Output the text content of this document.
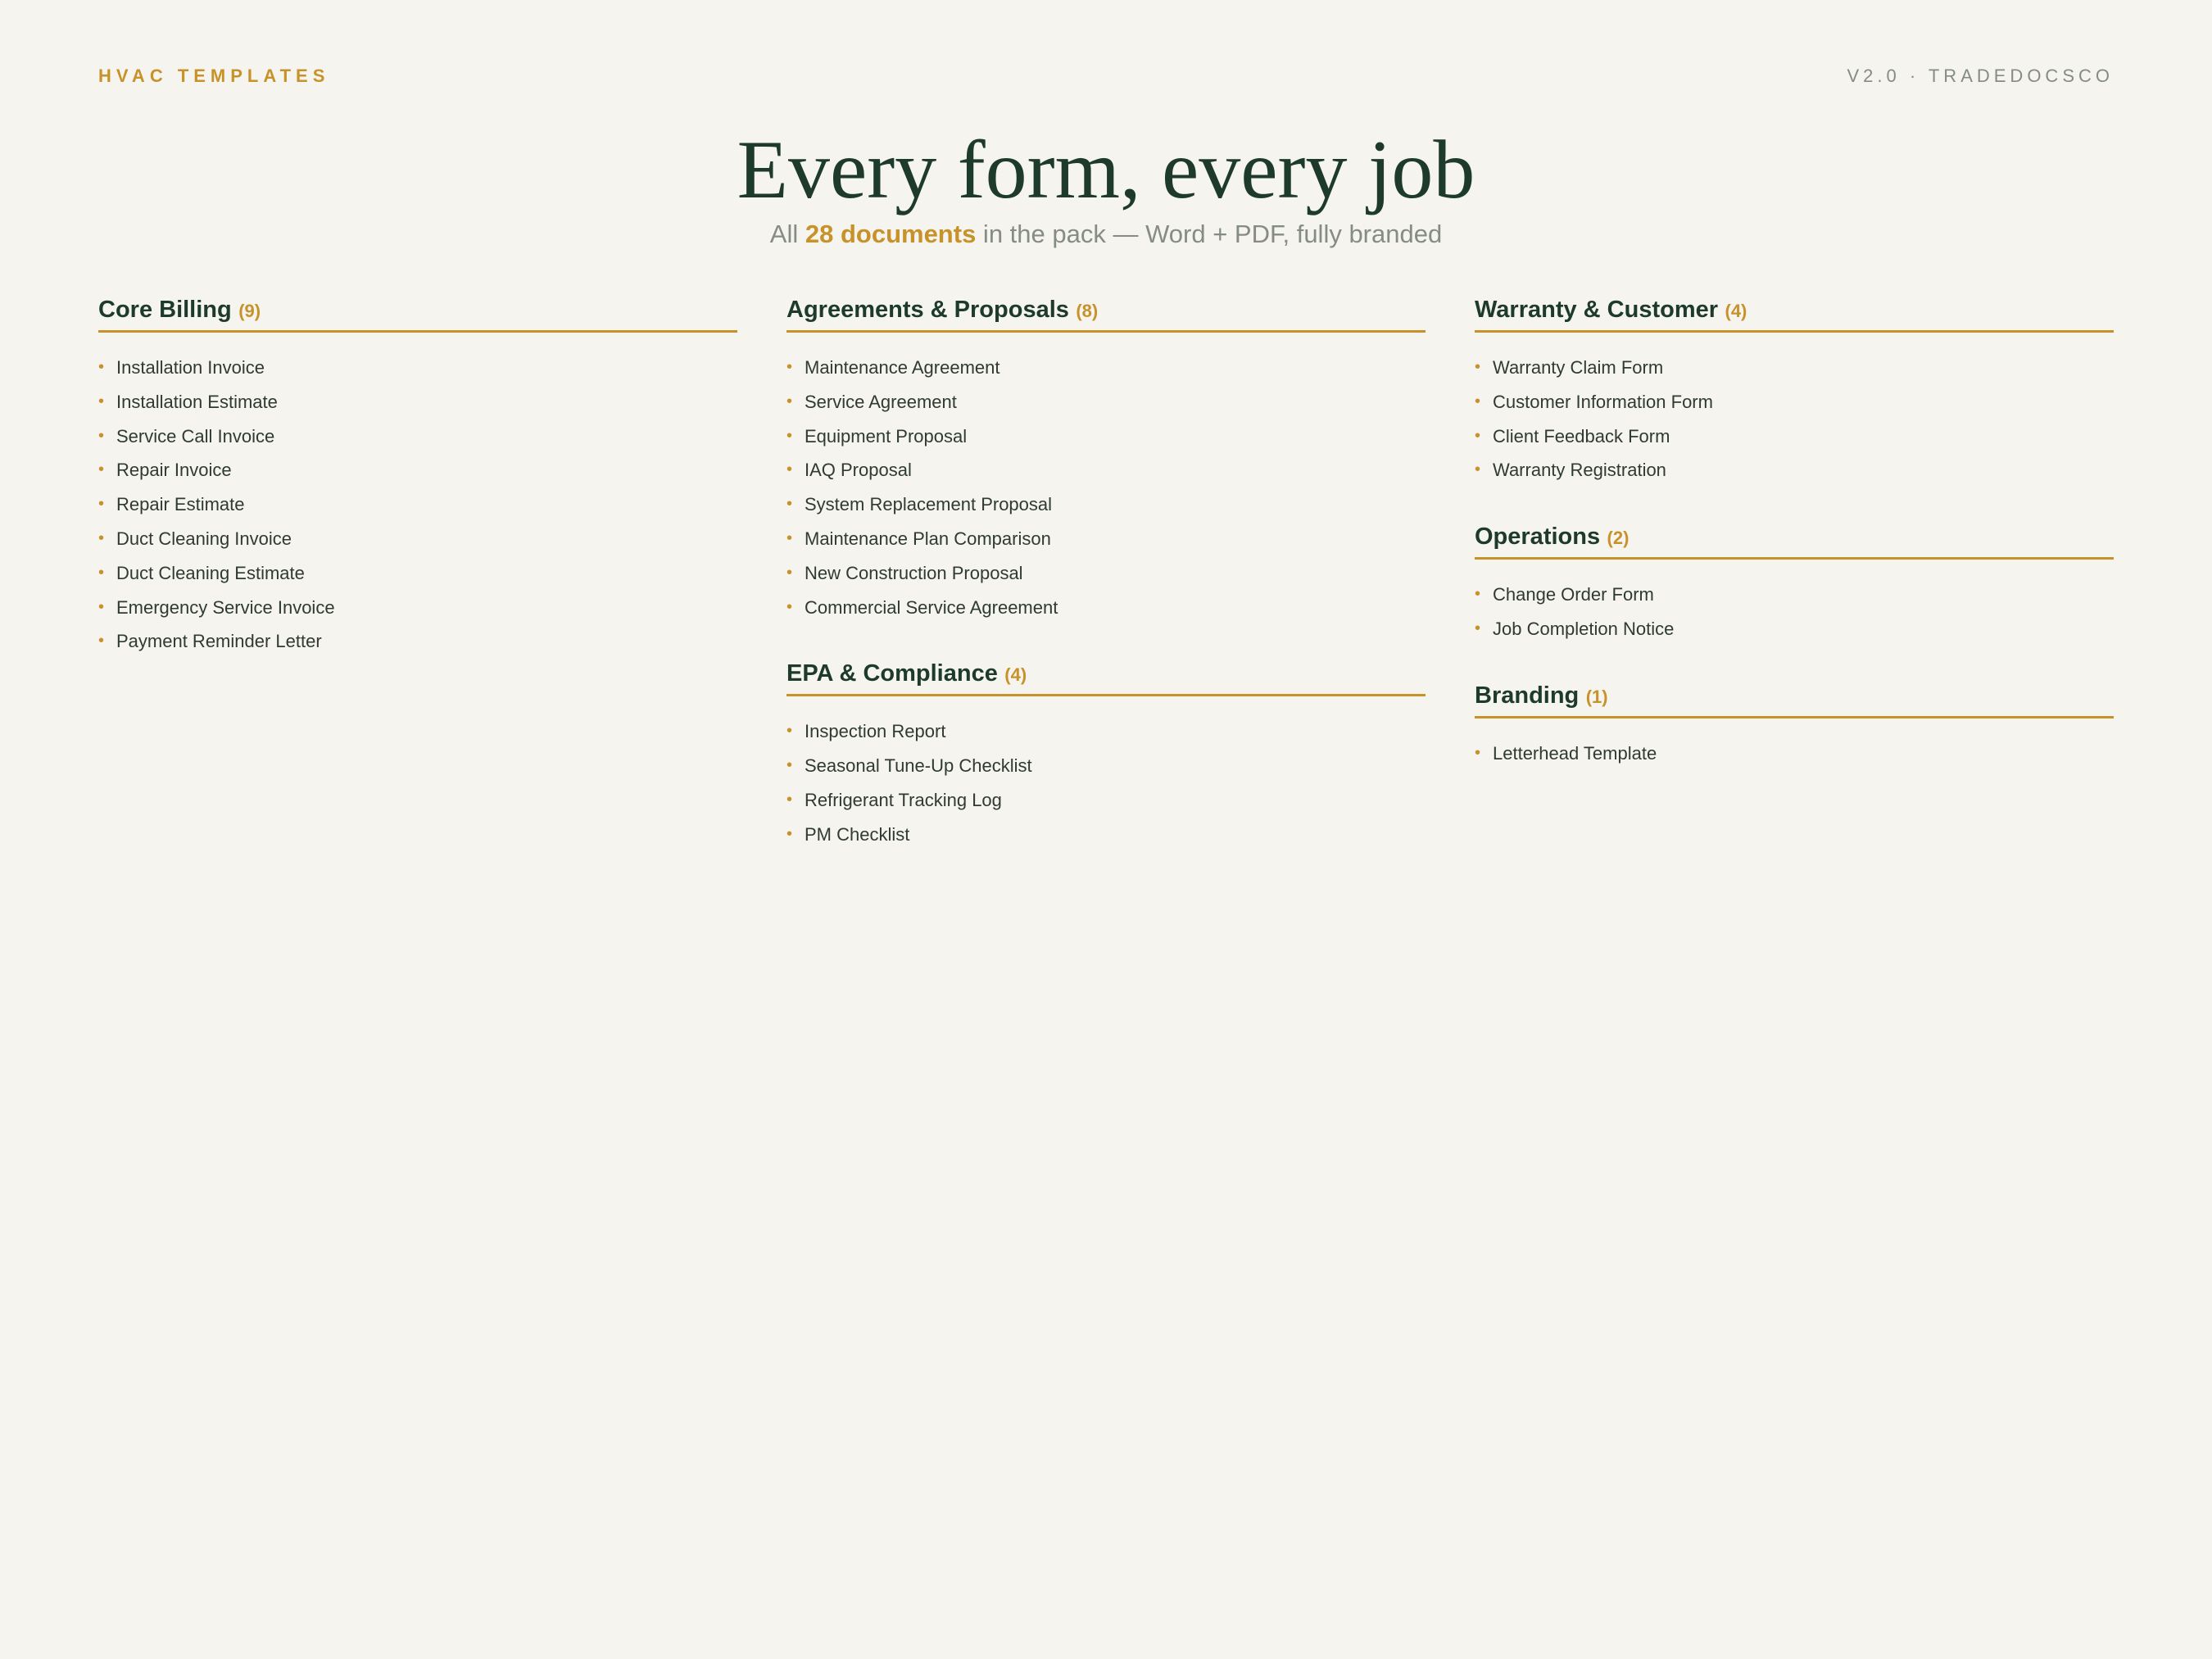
HVAC TEMPLATES	V2.0 · TRADEDOCSCO
Every form, every job
All 28 documents in the pack — Word + PDF, fully branded
Core Billing (9)
• Installation Invoice
• Installation Estimate
• Service Call Invoice
• Repair Invoice
• Repair Estimate
• Duct Cleaning Invoice
• Duct Cleaning Estimate
• Emergency Service Invoice
• Payment Reminder Letter
Agreements & Proposals (8)
• Maintenance Agreement
• Service Agreement
• Equipment Proposal
• IAQ Proposal
• System Replacement Proposal
• Maintenance Plan Comparison
• New Construction Proposal
• Commercial Service Agreement
EPA & Compliance (4)
• Inspection Report
• Seasonal Tune-Up Checklist
• Refrigerant Tracking Log
• PM Checklist
Warranty & Customer (4)
• Warranty Claim Form
• Customer Information Form
• Client Feedback Form
• Warranty Registration
Operations (2)
• Change Order Form
• Job Completion Notice
Branding (1)
• Letterhead Template
